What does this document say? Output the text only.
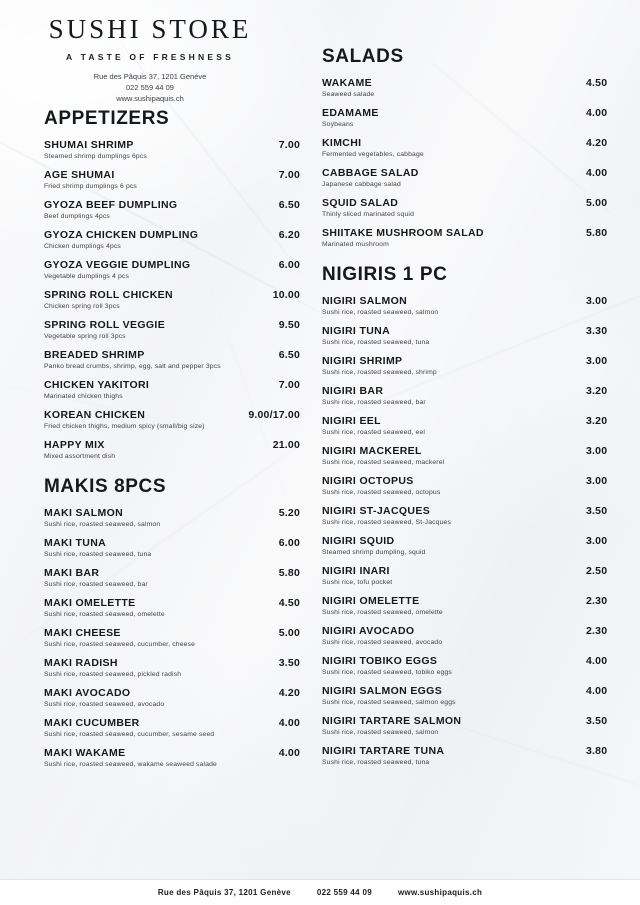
SUSHI STORE
A TASTE OF FRESHNESS
Rue des Pâquis 37, 1201 Genève
022 559 44 09
www.sushipaquis.ch
APPETIZERS
SHUMAI SHRIMP	7.00
Steamed shrimp dumplings 6pcs
AGE SHUMAI	7.00
Fried shrimp dumplings 6 pcs
GYOZA BEEF DUMPLING	6.50
Beef dumplings 4pcs
GYOZA CHICKEN DUMPLING	6.20
Chicken dumplings 4pcs
GYOZA VEGGIE DUMPLING	6.00
Vegetable dumplings 4 pcs
SPRING ROLL CHICKEN	10.00
Chicken spring roll 3pcs
SPRING ROLL VEGGIE	9.50
Vegetable spring roll 3pcs
BREADED SHRIMP	6.50
Panko bread crumbs, shrimp, egg, salt and pepper 3pcs
CHICKEN YAKITORI	7.00
Marinated chicken thighs
KOREAN CHICKEN	9.00/17.00
Fried chicken thighs, medium spicy (small/big size)
HAPPY MIX	21.00
Mixed assortment dish
MAKIS 8PCS
MAKI SALMON	5.20
Sushi rice, roasted seaweed, salmon
MAKI TUNA	6.00
Sushi rice, roasted seaweed, tuna
MAKI BAR	5.80
Sushi rice, roasted seaweed, bar
MAKI OMELETTE	4.50
Sushi rice, roasted seaweed, omelette
MAKI CHEESE	5.00
Sushi rice, roasted seaweed, cucumber, cheese
MAKI RADISH	3.50
Sushi rice, roasted seaweed, pickled radish
MAKI AVOCADO	4.20
Sushi rice, roasted seaweed, avocado
MAKI CUCUMBER	4.00
Sushi rice, roasted seaweed, cucumber, sesame seed
MAKI WAKAME	4.00
Sushi rice, roasted seaweed, wakame seaweed salade
SALADS
WAKAME	4.50
Seaweed salade
EDAMAME	4.00
Soybeans
KIMCHI	4.20
Fermented vegetables, cabbage
CABBAGE SALAD	4.00
Japanese cabbage salad
SQUID SALAD	5.00
Thinly sliced marinated squid
SHIITAKE MUSHROOM SALAD	5.80
Marinated mushroom
NIGIRIS 1 PC
NIGIRI SALMON	3.00
Sushi rice, roasted seaweed, salmon
NIGIRI TUNA	3.30
Sushi rice, roasted seaweed, tuna
NIGIRI SHRIMP	3.00
Sushi rice, roasted seaweed, shrimp
NIGIRI BAR	3.20
Sushi rice, roasted seaweed, bar
NIGIRI EEL	3.20
Sushi rice, roasted seaweed, eel
NIGIRI MACKEREL	3.00
Sushi rice, roasted seaweed, mackerel
NIGIRI OCTOPUS	3.00
Sushi rice, roasted seaweed, octopus
NIGIRI ST-JACQUES	3.50
Sushi rice, roasted seaweed, St-Jacques
NIGIRI SQUID	3.00
Steamed shrimp dumpling, squid
NIGIRI INARI	2.50
Sushi rice, tofu pocket
NIGIRI OMELETTE	2.30
Sushi rice, roasted seaweed, omelette
NIGIRI AVOCADO	2.30
Sushi rice, roasted seaweed, avocado
NIGIRI TOBIKO EGGS	4.00
Sushi rice, roasted seaweed, tobiko eggs
NIGIRI SALMON EGGS	4.00
Sushi rice, roasted seaweed, salmon eggs
NIGIRI TARTARE SALMON	3.50
Sushi rice, roasted seaweed, salmon
NIGIRI TARTARE TUNA	3.80
Sushi rice, roasted seaweed, tuna
Rue des Pâquis 37, 1201 Genève	022 559 44 09	www.sushipaquis.ch
